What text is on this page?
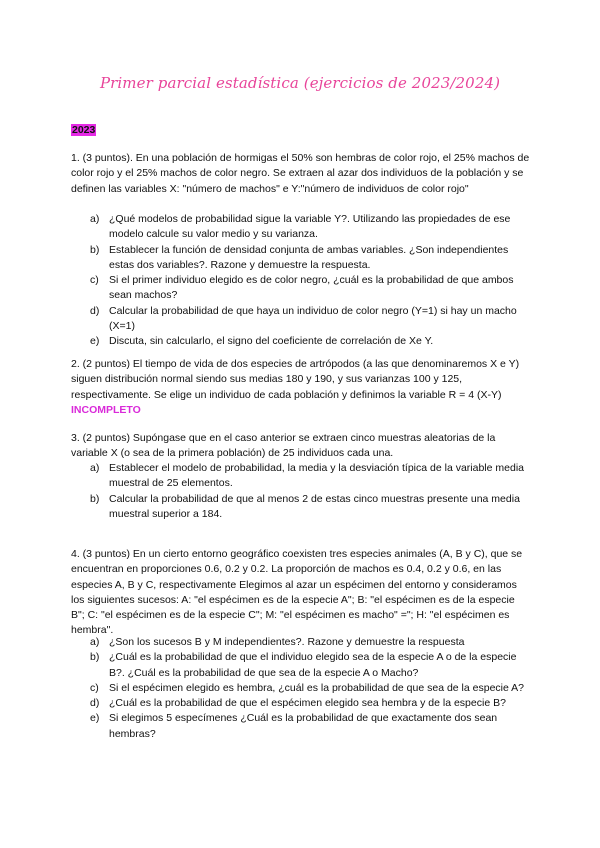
Primer parcial estadística (ejercicios de 2023/2024)
2023
1. (3 puntos). En una población de hormigas el 50% son hembras de color rojo, el 25% machos de color rojo y el 25% machos de color negro. Se extraen al azar dos individuos de la población y se definen las variables X: "número de machos" e Y:"número de individuos de color rojo"
a) ¿Qué modelos de probabilidad sigue la variable Y?. Utilizando las propiedades de ese modelo calcule su valor medio y su varianza.
b) Establecer la función de densidad conjunta de ambas variables. ¿Son independientes estas dos variables?. Razone y demuestre la respuesta.
c) Si el primer individuo elegido es de color negro, ¿cuál es la probabilidad de que ambos sean machos?
d) Calcular la probabilidad de que haya un individuo de color negro (Y=1) si hay un macho (X=1)
e) Discuta, sin calcularlo, el signo del coeficiente de correlación de Xe Y.
2. (2 puntos) El tiempo de vida de dos especies de artrópodos (a las que denominaremos X e Y) siguen distribución normal siendo sus medias 180 y 190, y sus varianzas 100 y 125, respectivamente. Se elige un individuo de cada población y definimos la variable R = 4 (X-Y)
INCOMPLETO
3. (2 puntos) Supóngase que en el caso anterior se extraen cinco muestras aleatorias de la variable X (o sea de la primera población) de 25 individuos cada una.
a) Establecer el modelo de probabilidad, la media y la desviación típica de la variable media muestral de 25 elementos.
b) Calcular la probabilidad de que al menos 2 de estas cinco muestras presente una media muestral superior a 184.
4. (3 puntos) En un cierto entorno geográfico coexisten tres especies animales (A, B y C), que se encuentran en proporciones 0.6, 0.2 y 0.2. La proporción de machos es 0.4, 0.2 y 0.6, en las especies A, B y C, respectivamente Elegimos al azar un espécimen del entorno y consideramos los siguientes sucesos: A: "el espécimen es de la especie A"; B: "el espécimen es de la especie B"; C: "el espécimen es de la especie C"; M: "el espécimen es macho" ="; H: "el espécimen es hembra".
a) ¿Son los sucesos B y M independientes?. Razone y demuestre la respuesta
b) ¿Cuál es la probabilidad de que el individuo elegido sea de la especie A o de la especie B?. ¿Cuál es la probabilidad de que sea de la especie A o Macho?
c) Si el espécimen elegido es hembra, ¿cuál es la probabilidad de que sea de la especie A?
d) ¿Cuál es la probabilidad de que el espécimen elegido sea hembra y de la especie B?
e) Si elegimos 5 especímenes ¿Cuál es la probabilidad de que exactamente dos sean hembras?
